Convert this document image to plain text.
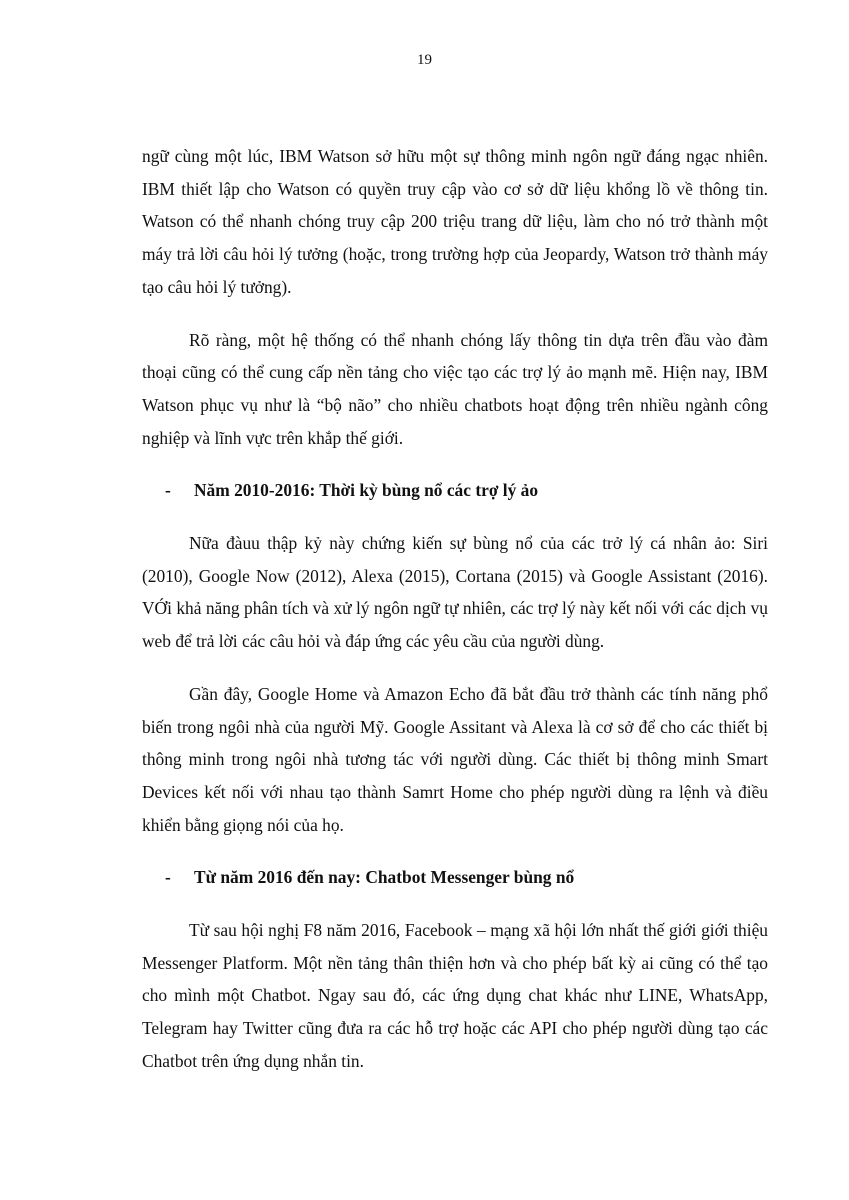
19

ngữ cùng một lúc, IBM Watson sở hữu một sự thông minh ngôn ngữ đáng ngạc nhiên. IBM thiết lập cho Watson có quyền truy cập vào cơ sở dữ liệu khổng lồ về thông tin. Watson có thể nhanh chóng truy cập 200 triệu trang dữ liệu, làm cho nó trở thành một máy trả lời câu hỏi lý tưởng (hoặc, trong trường hợp của Jeopardy, Watson trở thành máy tạo câu hỏi lý tưởng).

Rõ ràng, một hệ thống có thể nhanh chóng lấy thông tin dựa trên đầu vào đàm thoại cũng có thể cung cấp nền tảng cho việc tạo các trợ lý ảo mạnh mẽ. Hiện nay, IBM Watson phục vụ như là “bộ não” cho nhiều chatbots hoạt động trên nhiều ngành công nghiệp và lĩnh vực trên khắp thế giới.

- Năm 2010-2016: Thời kỳ bùng nổ các trợ lý ảo

Nữa đàuu thập kỷ này chứng kiến sự bùng nổ của các trở lý cá nhân ảo: Siri (2010), Google Now (2012), Alexa (2015), Cortana (2015) và Google Assistant (2016). VỚi khả năng phân tích và xử lý ngôn ngữ tự nhiên, các trợ lý này kết nối với các dịch vụ web để trả lời các câu hỏi và đáp ứng các yêu cầu của người dùng.

Gần đây, Google Home và Amazon Echo đã bắt đầu trở thành các tính năng phổ biến trong ngôi nhà của người Mỹ. Google Assitant và Alexa là cơ sở để cho các thiết bị thông minh trong ngôi nhà tương tác với người dùng. Các thiết bị thông minh Smart Devices kết nối với nhau tạo thành Samrt Home cho phép người dùng ra lệnh và điều khiển bằng giọng nói của họ.

- Từ năm 2016 đến nay: Chatbot Messenger bùng nổ

Từ sau hội nghị F8 năm 2016, Facebook – mạng xã hội lớn nhất thế giới giới thiệu Messenger Platform. Một nền tảng thân thiện hơn và cho phép bất kỳ ai cũng có thể tạo cho mình một Chatbot. Ngay sau đó, các ứng dụng chat khác như LINE, WhatsApp, Telegram hay Twitter cũng đưa ra các hỗ trợ hoặc các API cho phép người dùng tạo các Chatbot trên ứng dụng nhắn tin.
